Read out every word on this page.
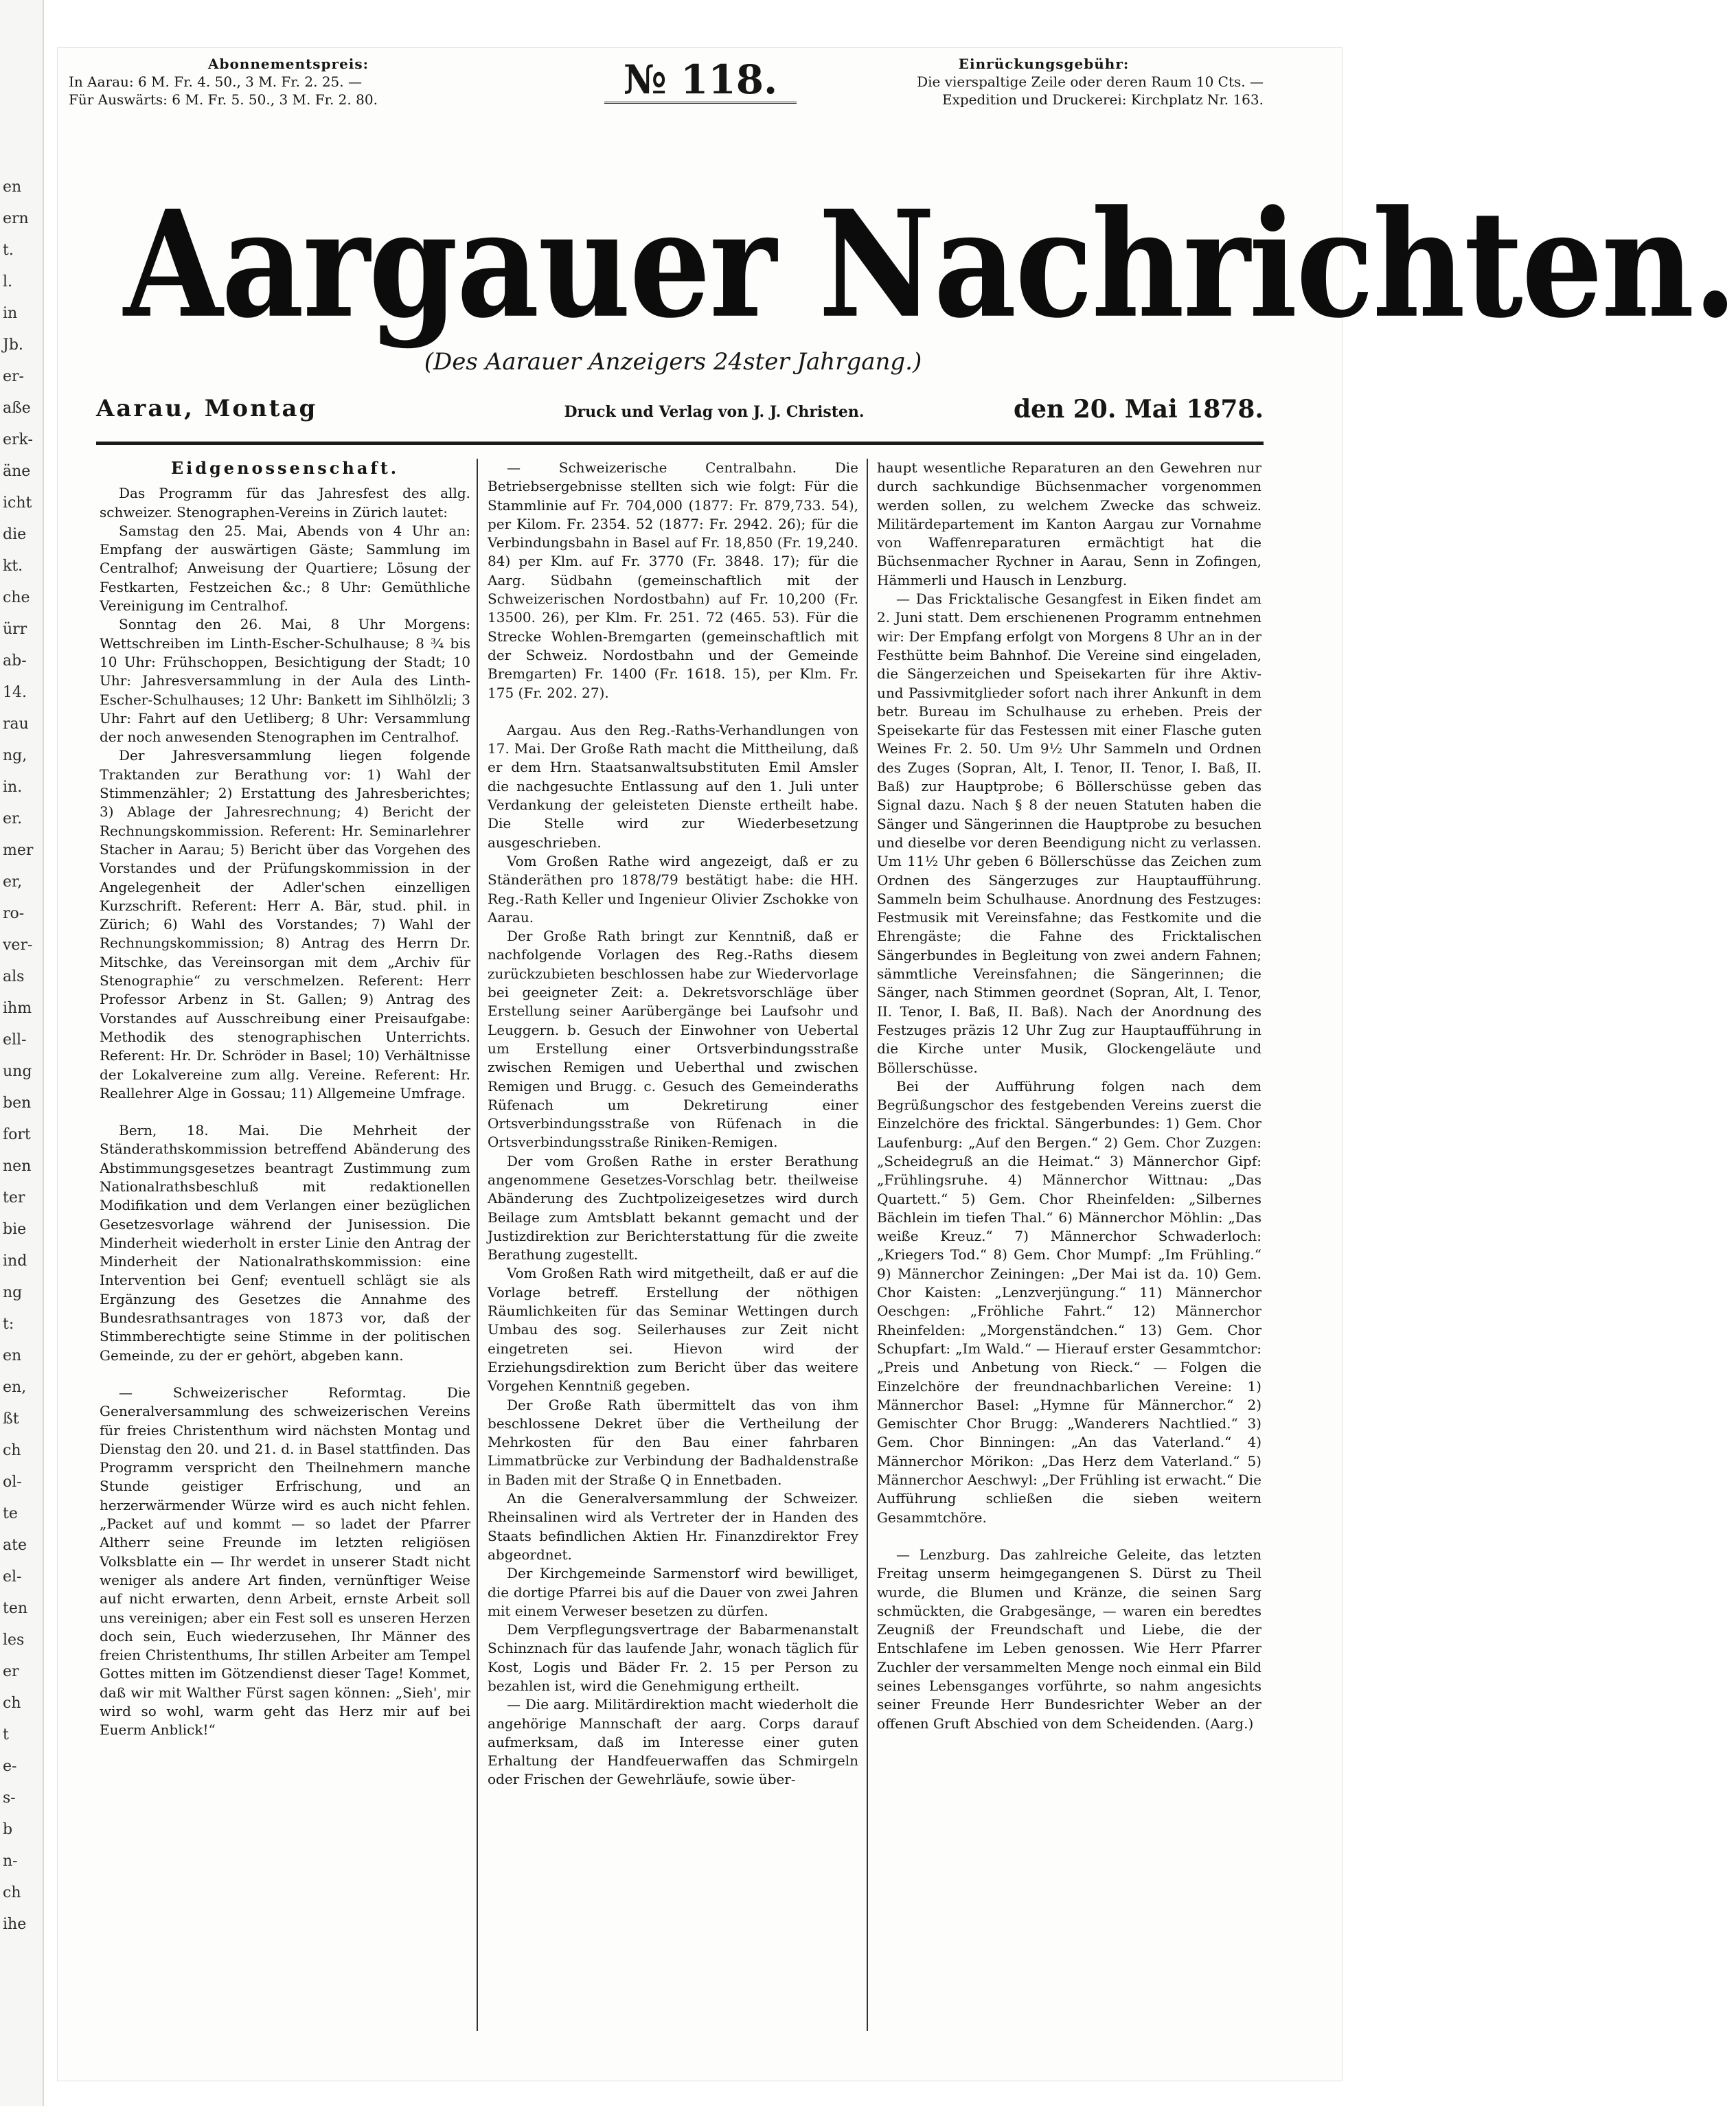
en
ern
t.
l.
in
Jb.
er-
aße
erk-
äne
icht
die
kt.
che
ürr
ab-
14.
rau
ng,
in.
er.
mer
er,
ro-
ver-
als
ihm
ell-
ung
ben
fort
nen
ter
bie
ind
ng
t:
en
en,
ßt
ch
ol-
te
ate
el-
ten
les
er
ch
t
e-
s-
b
n-
ch
ihe
Abonnementspreis:
In Aarau: 6 M. Fr. 4. 50., 3 M. Fr. 2. 25. —
Für Auswärts: 6 M. Fr. 5. 50., 3 M. Fr. 2. 80.	№ 118.	Einrückungsgebühr:
Die vierspaltige Zeile oder deren Raum 10 Cts. —
Expedition und Druckerei: Kirchplatz Nr. 163.
Aargauer Nachrichten.
(Des Aarauer Anzeigers 24ster Jahrgang.)
Aarau, Montag	Druck und Verlag von J. J. Christen.	den 20. Mai 1878.
Eidgenossenschaft.

Das Programm für das Jahresfest des allg. schweizer. Stenographen-Vereins in Zürich lautet:

Samstag den 25. Mai, Abends von 4 Uhr an: Empfang der auswärtigen Gäste; Sammlung im Centralhof; Anweisung der Quartiere; Lösung der Festkarten, Festzeichen &c.; 8 Uhr: Gemüthliche Vereinigung im Centralhof.

Sonntag den 26. Mai, 8 Uhr Morgens: Wettschreiben im Linth-Escher-Schulhause; 8 ¾ bis 10 Uhr: Frühschoppen, Besichtigung der Stadt; 10 Uhr: Jahresversammlung in der Aula des Linth-Escher-Schulhauses; 12 Uhr: Bankett im Sihlhölzli; 3 Uhr: Fahrt auf den Uetliberg; 8 Uhr: Versammlung der noch anwesenden Stenographen im Centralhof.

Der Jahresversammlung liegen folgende Traktanden zur Berathung vor: 1) Wahl der Stimmenzähler; 2) Erstattung des Jahresberichtes; 3) Ablage der Jahresrechnung; 4) Bericht der Rechnungskommission. Referent: Hr. Seminarlehrer Stacher in Aarau; 5) Bericht über das Vorgehen des Vorstandes und der Prüfungskommission in der Angelegenheit der Adler'schen einzelligen Kurzschrift. Referent: Herr A. Bär, stud. phil. in Zürich; 6) Wahl des Vorstandes; 7) Wahl der Rechnungskommission; 8) Antrag des Herrn Dr. Mitschke, das Vereinsorgan mit dem „Archiv für Stenographie“ zu verschmelzen. Referent: Herr Professor Arbenz in St. Gallen; 9) Antrag des Vorstandes auf Ausschreibung einer Preisaufgabe: Methodik des stenographischen Unterrichts. Referent: Hr. Dr. Schröder in Basel; 10) Verhältnisse der Lokalvereine zum allg. Vereine. Referent: Hr. Reallehrer Alge in Gossau; 11) Allgemeine Umfrage.

Bern, 18. Mai. Die Mehrheit der Ständerathskommission betreffend Abänderung des Abstimmungsgesetzes beantragt Zustimmung zum Nationalrathsbeschluß mit redaktionellen Modifikation und dem Verlangen einer bezüglichen Gesetzesvorlage während der Junisession. Die Minderheit wiederholt in erster Linie den Antrag der Minderheit der Nationalrathskommission: eine Intervention bei Genf; eventuell schlägt sie als Ergänzung des Gesetzes die Annahme des Bundesrathsantrages von 1873 vor, daß der Stimmberechtigte seine Stimme in der politischen Gemeinde, zu der er gehört, abgeben kann.

— Schweizerischer Reformtag. Die Generalversammlung des schweizerischen Vereins für freies Christenthum wird nächsten Montag und Dienstag den 20. und 21. d. in Basel stattfinden. Das Programm verspricht den Theilnehmern manche Stunde geistiger Erfrischung, und an herzerwärmender Würze wird es auch nicht fehlen. „Packet auf und kommt — so ladet der Pfarrer Altherr seine Freunde im letzten religiösen Volksblatte ein — Ihr werdet in unserer Stadt nicht weniger als andere Art finden, vernünftiger Weise auf nicht erwarten, denn Arbeit, ernste Arbeit soll uns vereinigen; aber ein Fest soll es unseren Herzen doch sein, Euch wiederzusehen, Ihr Männer des freien Christenthums, Ihr stillen Arbeiter am Tempel Gottes mitten im Götzendienst dieser Tage! Kommet, daß wir mit Walther Fürst sagen können: „Sieh', mir wird so wohl, warm geht das Herz mir auf bei Euerm Anblick!“

— Schweizerische Centralbahn. Die Betriebsergebnisse stellten sich wie folgt: Für die Stammlinie auf Fr. 704,000 (1877: Fr. 879,733. 54), per Kilom. Fr. 2354. 52 (1877: Fr. 2942. 26); für die Verbindungsbahn in Basel auf Fr. 18,850 (Fr. 19,240. 84) per Klm. auf Fr. 3770 (Fr. 3848. 17); für die Aarg. Südbahn (gemeinschaftlich mit der Schweizerischen Nordostbahn) auf Fr. 10,200 (Fr. 13500. 26), per Klm. Fr. 251. 72 (465. 53). Für die Strecke Wohlen-Bremgarten (gemeinschaftlich mit der Schweiz. Nordostbahn und der Gemeinde Bremgarten) Fr. 1400 (Fr. 1618. 15), per Klm. Fr. 175 (Fr. 202. 27).

Aargau. Aus den Reg.-Raths-Verhandlungen von 17. Mai. Der Große Rath macht die Mittheilung, daß er dem Hrn. Staatsanwaltsubstituten Emil Amsler die nachgesuchte Entlassung auf den 1. Juli unter Verdankung der geleisteten Dienste ertheilt habe. Die Stelle wird zur Wiederbesetzung ausgeschrieben.

Vom Großen Rathe wird angezeigt, daß er zu Ständeräthen pro 1878/79 bestätigt habe: die HH. Reg.-Rath Keller und Ingenieur Olivier Zschokke von Aarau.

Der Große Rath bringt zur Kenntniß, daß er nachfolgende Vorlagen des Reg.-Raths diesem zurückzubieten beschlossen habe zur Wiedervorlage bei geeigneter Zeit: a. Dekretsvorschläge über Erstellung seiner Aarübergänge bei Laufsohr und Leuggern. b. Gesuch der Einwohner von Uebertal um Erstellung einer Ortsverbindungsstraße zwischen Remigen und Ueberthal und zwischen Remigen und Brugg. c. Gesuch des Gemeinderaths Rüfenach um Dekretirung einer Ortsverbindungsstraße von Rüfenach in die Ortsverbindungsstraße Riniken-Remigen.

Der vom Großen Rathe in erster Berathung angenommene Gesetzes-Vorschlag betr. theilweise Abänderung des Zuchtpolizeigesetzes wird durch Beilage zum Amtsblatt bekannt gemacht und der Justizdirektion zur Berichterstattung für die zweite Berathung zugestellt.

Vom Großen Rath wird mitgetheilt, daß er auf die Vorlage betreff. Erstellung der nöthigen Räumlichkeiten für das Seminar Wettingen durch Umbau des sog. Seilerhauses zur Zeit nicht eingetreten sei. Hievon wird der Erziehungsdirektion zum Bericht über das weitere Vorgehen Kenntniß gegeben.

Der Große Rath übermittelt das von ihm beschlossene Dekret über die Vertheilung der Mehrkosten für den Bau einer fahrbaren Limmatbrücke zur Verbindung der Badhaldenstraße in Baden mit der Straße Q in Ennetbaden.

An die Generalversammlung der Schweizer. Rheinsalinen wird als Vertreter der in Handen des Staats befindlichen Aktien Hr. Finanzdirektor Frey abgeordnet.

Der Kirchgemeinde Sarmenstorf wird bewilliget, die dortige Pfarrei bis auf die Dauer von zwei Jahren mit einem Verweser besetzen zu dürfen.

Dem Verpflegungsvertrage der Babarmenanstalt Schinznach für das laufende Jahr, wonach täglich für Kost, Logis und Bäder Fr. 2. 15 per Person zu bezahlen ist, wird die Genehmigung ertheilt.

— Die aarg. Militärdirektion macht wiederholt die angehörige Mannschaft der aarg. Corps darauf aufmerksam, daß im Interesse einer guten Erhaltung der Handfeuerwaffen das Schmirgeln oder Frischen der Gewehrläufe, sowie über-

haupt wesentliche Reparaturen an den Gewehren nur durch sachkundige Büchsenmacher vorgenommen werden sollen, zu welchem Zwecke das schweiz. Militärdepartement im Kanton Aargau zur Vornahme von Waffenreparaturen ermächtigt hat die Büchsenmacher Rychner in Aarau, Senn in Zofingen, Hämmerli und Hausch in Lenzburg.

— Das Fricktalische Gesangfest in Eiken findet am 2. Juni statt. Dem erschienenen Programm entnehmen wir: Der Empfang erfolgt von Morgens 8 Uhr an in der Festhütte beim Bahnhof. Die Vereine sind eingeladen, die Sängerzeichen und Speisekarten für ihre Aktiv- und Passivmitglieder sofort nach ihrer Ankunft in dem betr. Bureau im Schulhause zu erheben. Preis der Speisekarte für das Festessen mit einer Flasche guten Weines Fr. 2. 50. Um 9½ Uhr Sammeln und Ordnen des Zuges (Sopran, Alt, I. Tenor, II. Tenor, I. Baß, II. Baß) zur Hauptprobe; 6 Böllerschüsse geben das Signal dazu. Nach § 8 der neuen Statuten haben die Sänger und Sängerinnen die Hauptprobe zu besuchen und dieselbe vor deren Beendigung nicht zu verlassen. Um 11½ Uhr geben 6 Böllerschüsse das Zeichen zum Ordnen des Sängerzuges zur Hauptaufführung. Sammeln beim Schulhause. Anordnung des Festzuges: Festmusik mit Vereinsfahne; das Festkomite und die Ehrengäste; die Fahne des Fricktalischen Sängerbundes in Begleitung von zwei andern Fahnen; sämmtliche Vereinsfahnen; die Sängerinnen; die Sänger, nach Stimmen geordnet (Sopran, Alt, I. Tenor, II. Tenor, I. Baß, II. Baß). Nach der Anordnung des Festzuges präzis 12 Uhr Zug zur Hauptaufführung in die Kirche unter Musik, Glockengeläute und Böllerschüsse.

Bei der Aufführung folgen nach dem Begrüßungschor des festgebenden Vereins zuerst die Einzelchöre des fricktal. Sängerbundes: 1) Gem. Chor Laufenburg: „Auf den Bergen.“ 2) Gem. Chor Zuzgen: „Scheidegruß an die Heimat.“ 3) Männerchor Gipf: „Frühlingsruhe. 4) Männerchor Wittnau: „Das Quartett.“ 5) Gem. Chor Rheinfelden: „Silbernes Bächlein im tiefen Thal.“ 6) Männerchor Möhlin: „Das weiße Kreuz.“ 7) Männerchor Schwaderloch: „Kriegers Tod.“ 8) Gem. Chor Mumpf: „Im Frühling.“ 9) Männerchor Zeiningen: „Der Mai ist da. 10) Gem. Chor Kaisten: „Lenzverjüngung.“ 11) Männerchor Oeschgen: „Fröhliche Fahrt.“ 12) Männerchor Rheinfelden: „Morgenständchen.“ 13) Gem. Chor Schupfart: „Im Wald.“ — Hierauf erster Gesammtchor: „Preis und Anbetung von Rieck.“ — Folgen die Einzelchöre der freundnachbarlichen Vereine: 1) Männerchor Basel: „Hymne für Männerchor.“ 2) Gemischter Chor Brugg: „Wanderers Nachtlied.“ 3) Gem. Chor Binningen: „An das Vaterland.“ 4) Männerchor Mörikon: „Das Herz dem Vaterland.“ 5) Männerchor Aeschwyl: „Der Frühling ist erwacht.“ Die Aufführung schließen die sieben weitern Gesammtchöre.

— Lenzburg. Das zahlreiche Geleite, das letzten Freitag unserm heimgegangenen S. Dürst zu Theil wurde, die Blumen und Kränze, die seinen Sarg schmückten, die Grabgesänge, — waren ein beredtes Zeugniß der Freundschaft und Liebe, die der Entschlafene im Leben genossen. Wie Herr Pfarrer Zuchler der versammelten Menge noch einmal ein Bild seines Lebensganges vorführte, so nahm angesichts seiner Freunde Herr Bundesrichter Weber an der offenen Gruft Abschied von dem Scheidenden. (Aarg.)
